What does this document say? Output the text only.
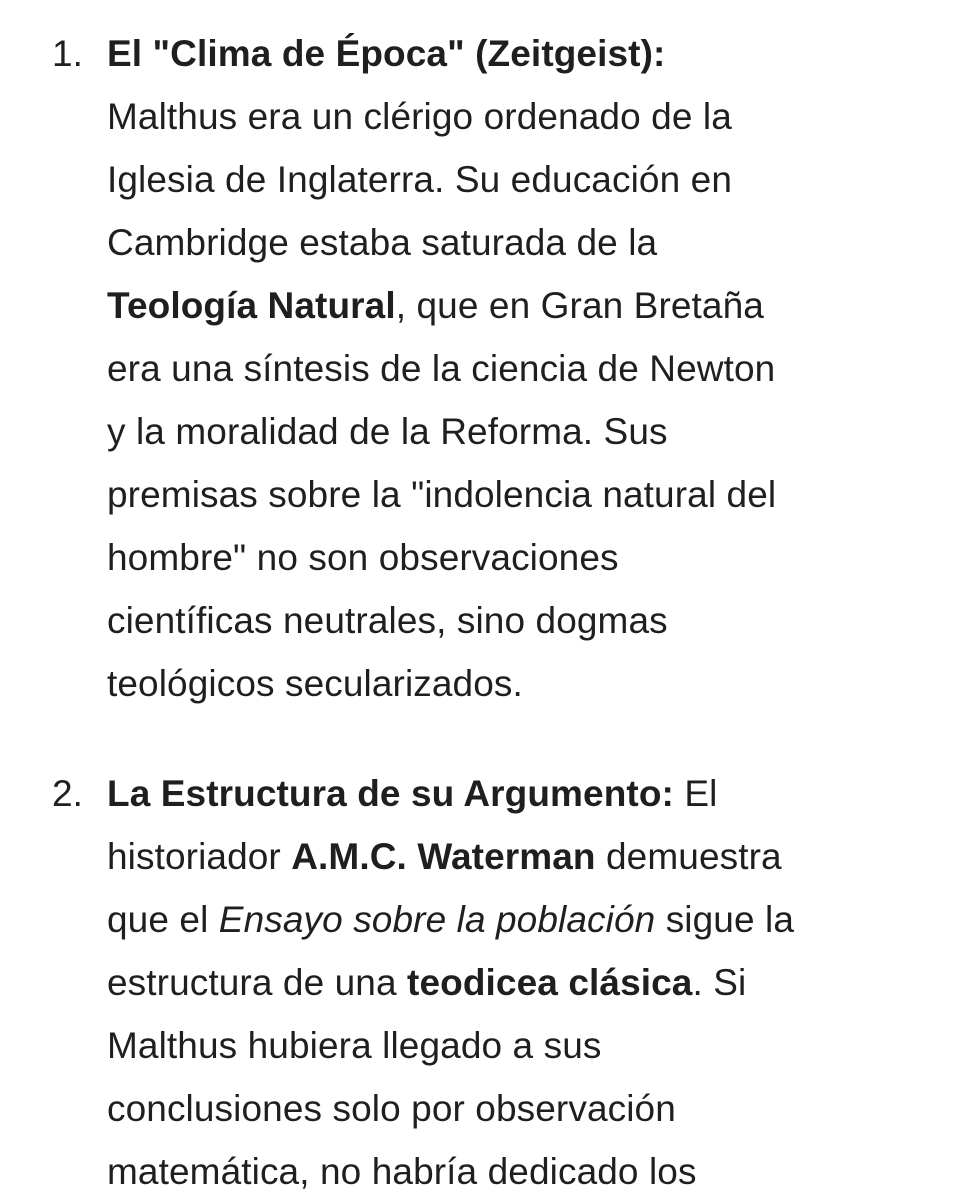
1. El "Clima de Época" (Zeitgeist):
Malthus era un clérigo ordenado de la
Iglesia de Inglaterra. Su educación en
Cambridge estaba saturada de la
Teología Natural, que en Gran Bretaña
era una síntesis de la ciencia de Newton
y la moralidad de la Reforma. Sus
premisas sobre la "indolencia natural del
hombre" no son observaciones
científicas neutrales, sino dogmas
teológicos secularizados.
2. La Estructura de su Argumento: El
historiador A.M.C. Waterman demuestra
que el Ensayo sobre la población sigue la
estructura de una teodicea clásica. Si
Malthus hubiera llegado a sus
conclusiones solo por observación
matemática, no habría dedicado los
